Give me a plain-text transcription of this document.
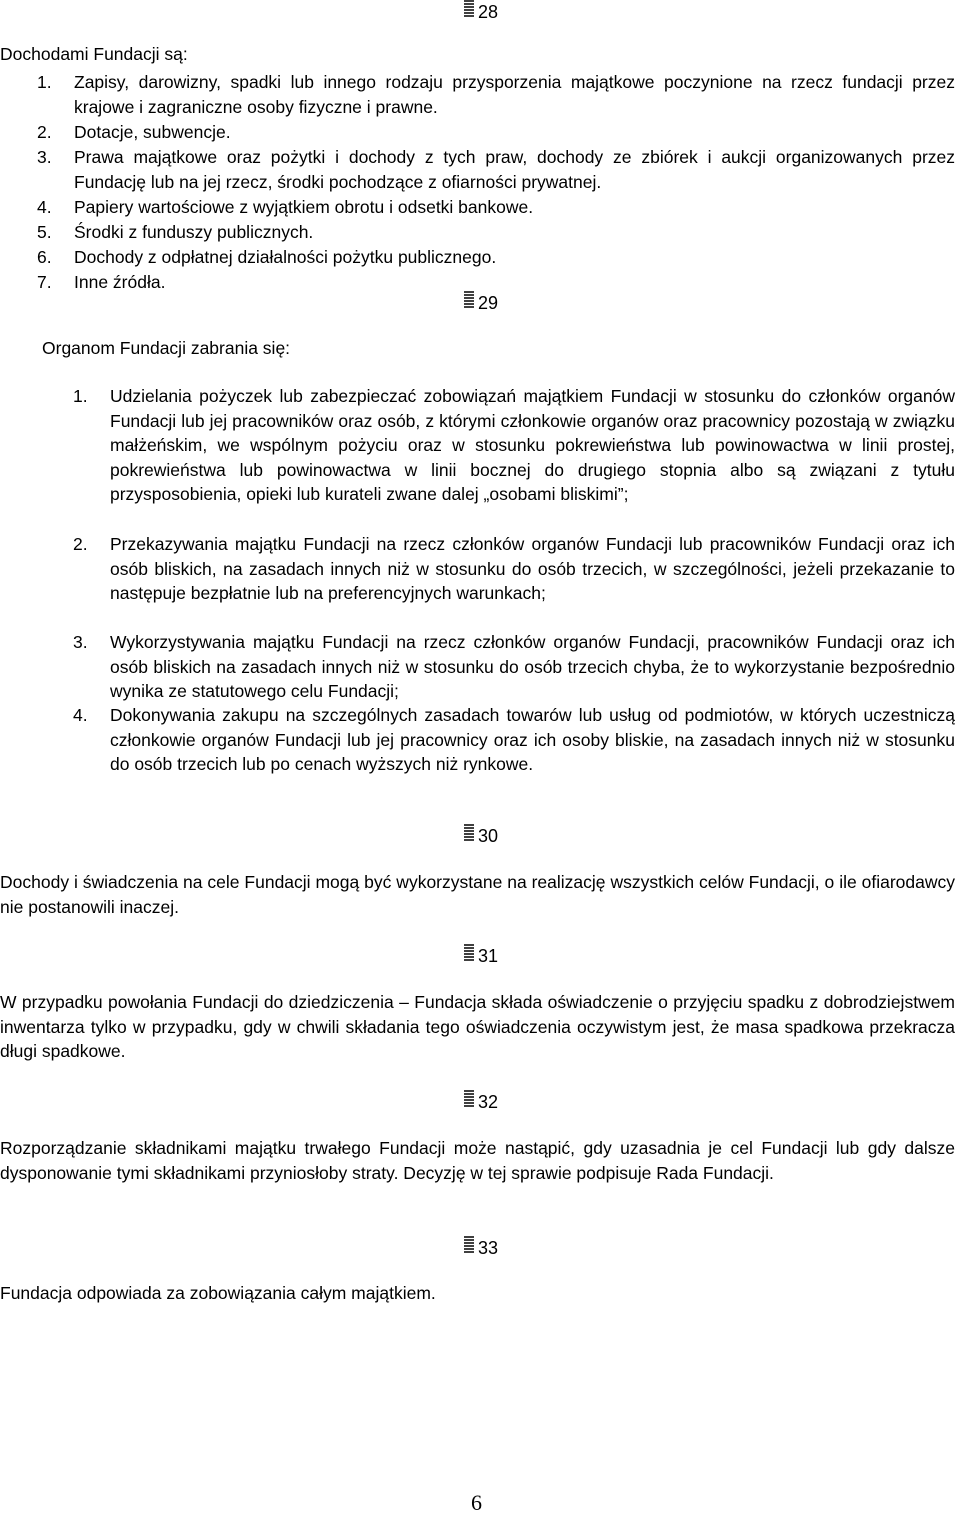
28
Dochodami Fundacji są:
1. Zapisy, darowizny, spadki lub innego rodzaju przysporzenia majątkowe poczynione na rzecz fundacji przez krajowe i zagraniczne osoby fizyczne i prawne.
2. Dotacje, subwencje.
3. Prawa majątkowe oraz pożytki i dochody z tych praw, dochody ze zbiórek i aukcji organizowanych przez Fundację lub na jej rzecz, środki pochodzące z ofiarności prywatnej.
4. Papiery wartościowe z wyjątkiem obrotu i odsetki bankowe.
5. Środki z funduszy publicznych.
6. Dochody z odpłatnej działalności pożytku publicznego.
7. Inne źródła.
29
Organom Fundacji zabrania się:
1. Udzielania pożyczek lub zabezpieczać zobowiązań majątkiem Fundacji w stosunku do członków organów Fundacji lub jej pracowników oraz osób, z którymi członkowie organów oraz pracownicy pozostają w związku małżeńskim, we wspólnym pożyciu oraz w stosunku pokrewieństwa lub powinowactwa w linii prostej, pokrewieństwa lub powinowactwa w linii bocznej do drugiego stopnia albo są związani z tytułu przysposobienia, opieki lub kurateli zwane dalej „osobami bliskimi”;
2. Przekazywania majątku Fundacji na rzecz członków organów Fundacji lub pracowników Fundacji oraz ich osób bliskich, na zasadach innych niż w stosunku do osób trzecich, w szczególności, jeżeli przekazanie to następuje bezpłatnie lub na preferencyjnych warunkach;
3. Wykorzystywania majątku Fundacji na rzecz członków organów Fundacji, pracowników Fundacji oraz ich osób bliskich na zasadach innych niż w stosunku do osób trzecich chyba, że to wykorzystanie bezpośrednio wynika ze statutowego celu Fundacji;
4. Dokonywania zakupu na szczególnych zasadach towarów lub usług od podmiotów, w których uczestniczą członkowie organów Fundacji lub jej pracownicy oraz ich osoby bliskie, na zasadach innych niż w stosunku do osób trzecich lub po cenach wyższych niż rynkowe.
30
Dochody i świadczenia na cele Fundacji mogą być wykorzystane na realizację wszystkich celów Fundacji, o ile ofiarodawcy nie postanowili inaczej.
31
W przypadku powołania Fundacji do dziedziczenia – Fundacja składa oświadczenie o przyjęciu spadku z dobrodziejstwem inwentarza tylko w przypadku, gdy w chwili składania tego oświadczenia oczywistym jest, że masa spadkowa przekracza długi spadkowe.
32
Rozporządzanie składnikami majątku trwałego Fundacji może nastąpić, gdy uzasadnia je cel Fundacji lub gdy dalsze dysponowanie tymi składnikami przyniosłoby straty. Decyzję w tej sprawie podpisuje Rada Fundacji.
33
Fundacja odpowiada za zobowiązania całym majątkiem.
6
